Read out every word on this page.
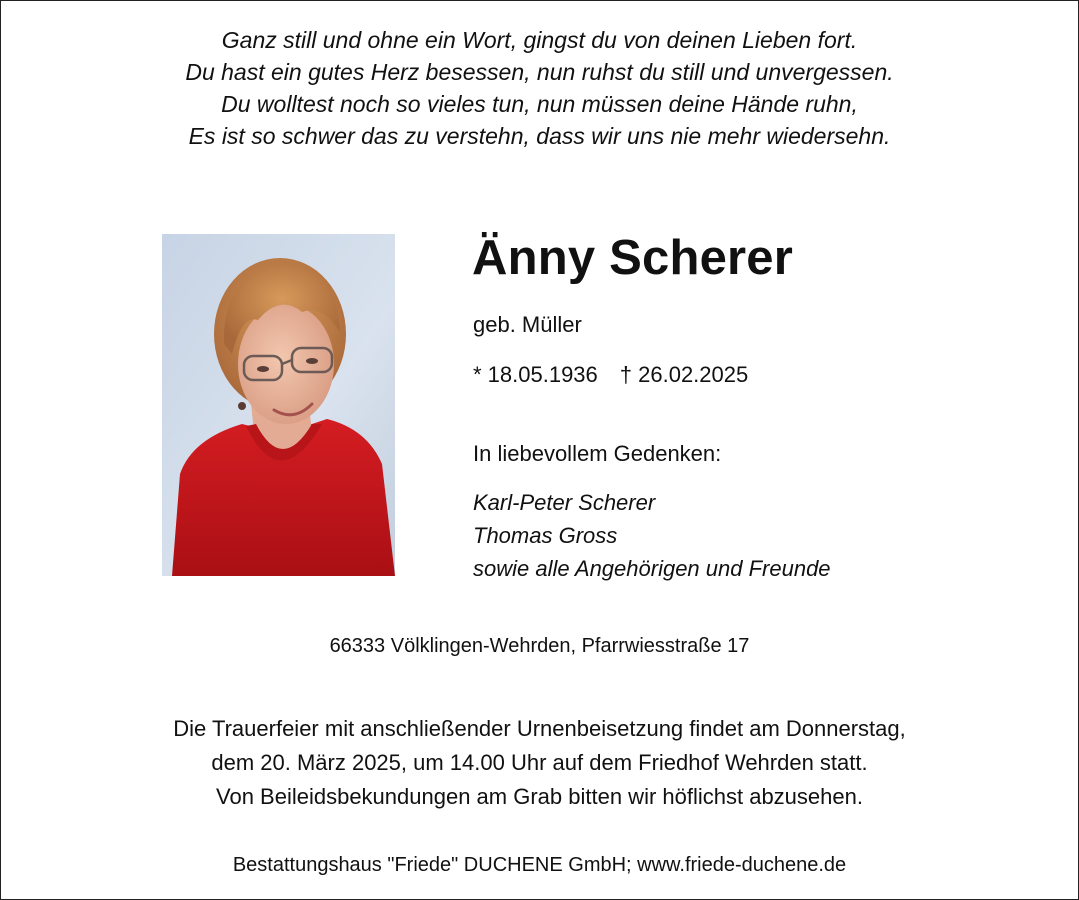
Ganz still und ohne ein Wort, gingst du von deinen Lieben fort.
Du hast ein gutes Herz besessen, nun ruhst du still und unvergessen.
Du wolltest noch so vieles tun, nun müssen deine Hände ruhn,
Es ist so schwer das zu verstehn, dass wir uns nie mehr wiedersehn.
Änny Scherer
geb. Müller
* 18.05.1936 † 26.02.2025
In liebevollem Gedenken:
Karl-Peter Scherer
Thomas Gross
sowie alle Angehörigen und Freunde
66333 Völklingen-Wehrden, Pfarrwiesstraße 17
Die Trauerfeier mit anschließender Urnenbeisetzung findet am Donnerstag,
dem 20. März 2025, um 14.00 Uhr auf dem Friedhof Wehrden statt.
Von Beileidsbekundungen am Grab bitten wir höflichst abzusehen.
Bestattungshaus "Friede" DUCHENE GmbH; www.friede-duchene.de
